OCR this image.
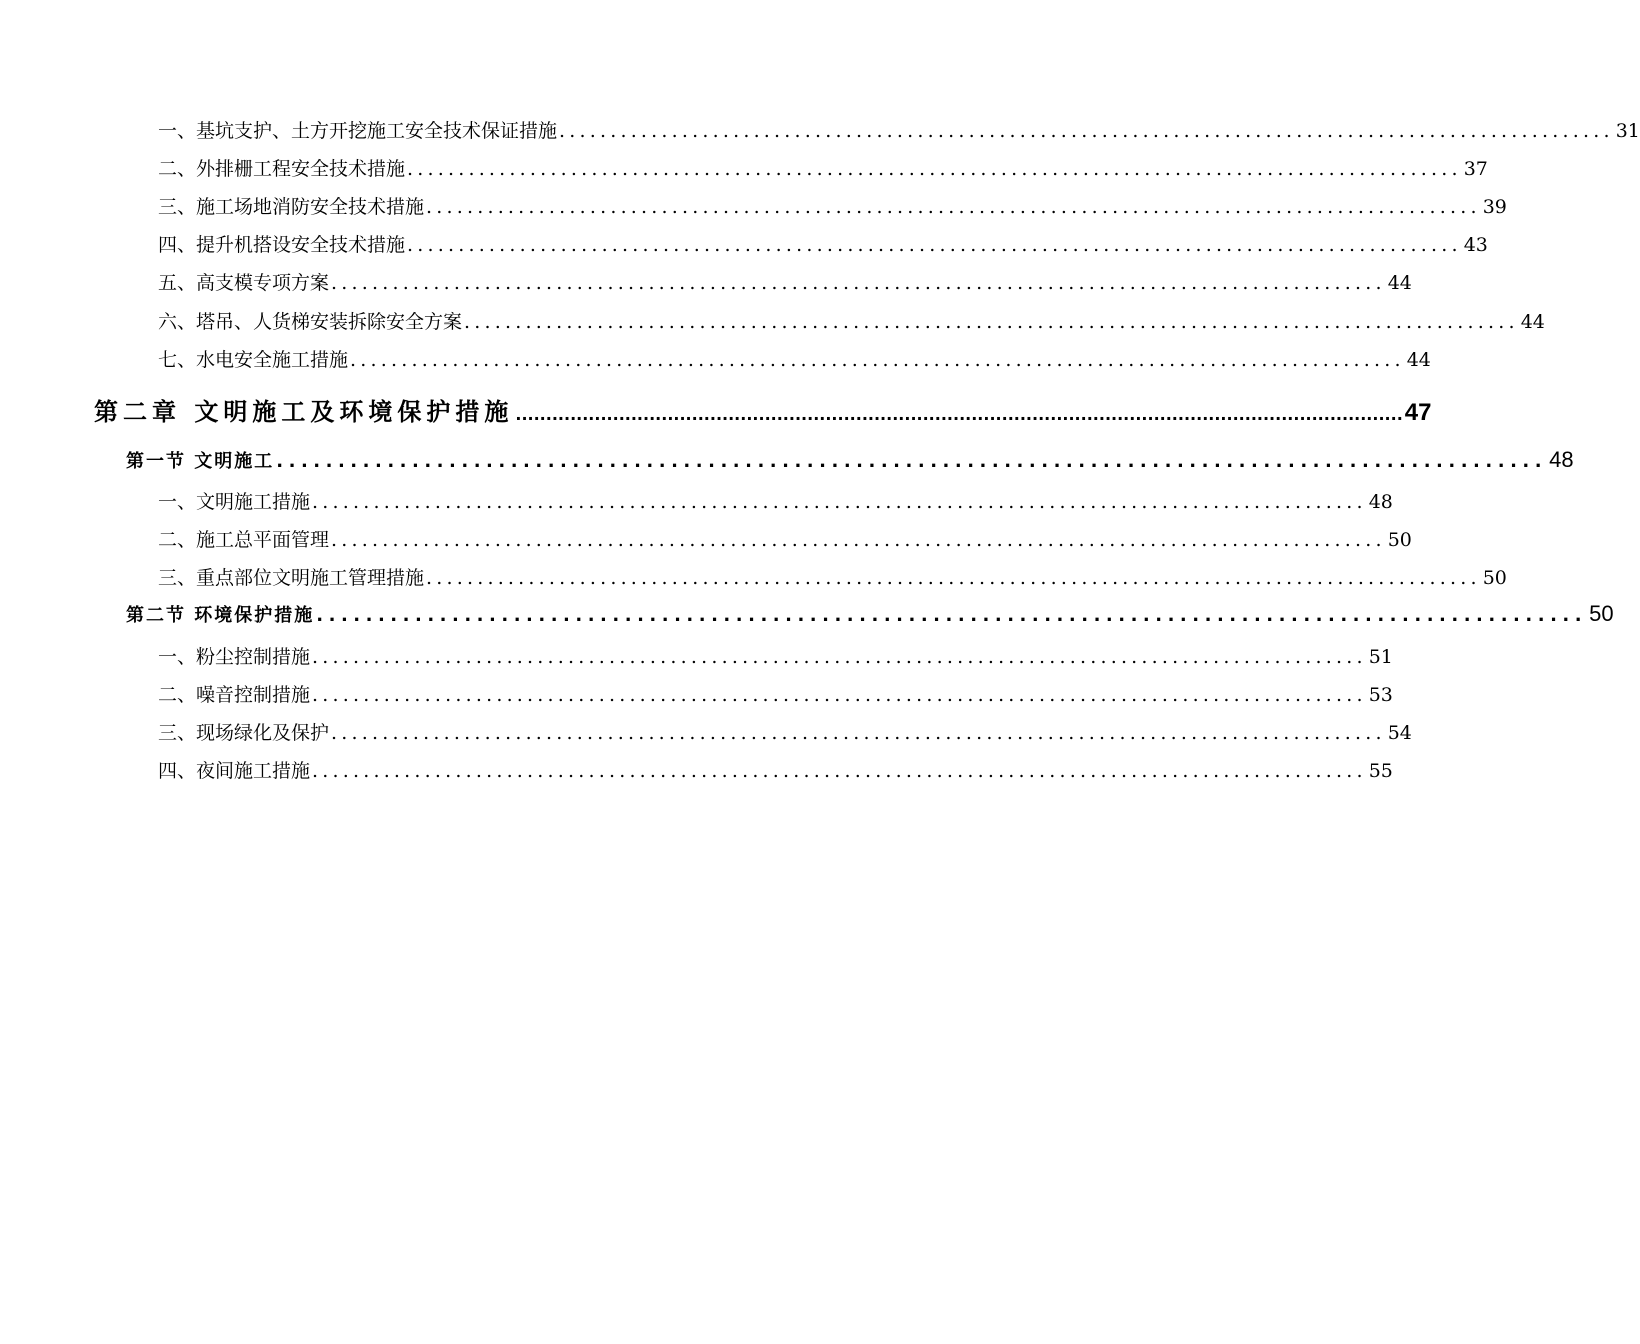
一、基坑支护、土方开挖施工安全技术保证措施 ....................................................................................................... 31
二、外排栅工程安全技术措施 ....................................................................................................... 37
三、施工场地消防安全技术措施 ....................................................................................................... 39
四、提升机搭设安全技术措施 ....................................................................................................... 43
五、高支模专项方案 ....................................................................................................... 44
六、塔吊、人货梯安装拆除安全方案 ....................................................................................................... 44
七、水电安全施工措施 ....................................................................................................... 44
第二章 文明施工及环境保护措施 .................................................................................................................................................. 47
第一节 文明施工 ....................................................................................................... 48
一、文明施工措施 ....................................................................................................... 48
二、施工总平面管理 ....................................................................................................... 50
三、重点部位文明施工管理措施 ....................................................................................................... 50
第二节 环境保护措施 ....................................................................................................... 50
一、粉尘控制措施 ....................................................................................................... 51
二、噪音控制措施 ....................................................................................................... 53
三、现场绿化及保护 ....................................................................................................... 54
四、夜间施工措施 ....................................................................................................... 55
